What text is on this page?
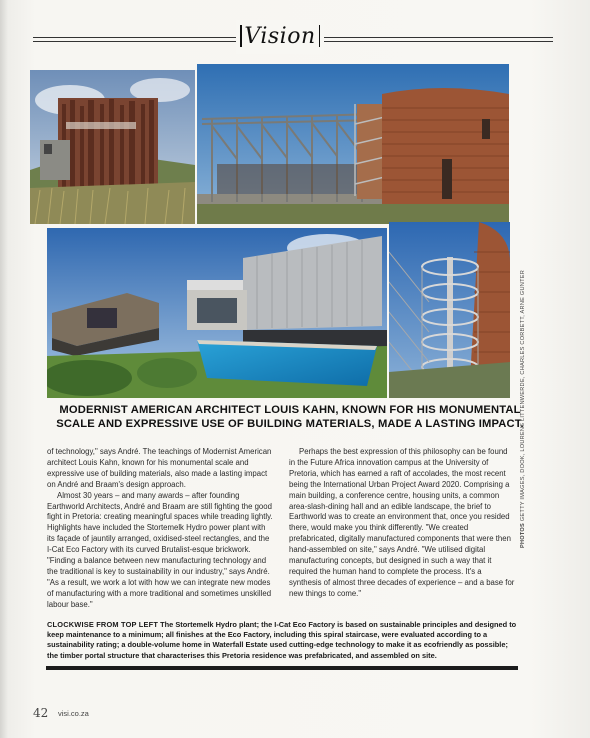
Vision
MODERNIST AMERICAN ARCHITECT LOUIS KAHN, KNOWN FOR HIS MONUMENTAL SCALE AND EXPRESSIVE USE OF BUILDING MATERIALS, MADE A LASTING IMPACT.

of technology," says André. The teachings of Modernist American architect Louis Kahn, known for his monumental scale and expressive use of building materials, also made a lasting impact on André and Braam's design approach.

Almost 30 years – and many awards – after founding Earthworld Architects, André and Braam are still fighting the good fight in Pretoria: creating meaningful spaces while treading lightly. Highlights have included the Stortemelk Hydro power plant with its façade of jauntily arranged, oxidised-steel rectangles, and the I-Cat Eco Factory with its curved Brutalist-esque brickwork. "Finding a balance between new manufacturing technology and the traditional is key to sustainability in our industry," says André. "As a result, we work a lot with how we can integrate new modes of manufacturing with a more traditional and sometimes unskilled labour base."

Perhaps the best expression of this philosophy can be found in the Future Africa innovation campus at the University of Pretoria, which has earned a raft of accolades, the most recent being the International Urban Project Award 2020. Comprising a main building, a conference centre, housing units, a common area-slash-dining hall and an edible landscape, the brief to Earthworld was to create an environment that, once you resided there, would make you think differently. "We created prefabricated, digitally manufactured components that were then hand-assembled on site," says André. "We utilised digital manufacturing concepts, but designed in such a way that it required the human hand to complete the process. It's a synthesis of almost three decades of experience – and a base for new things to come."

CLOCKWISE FROM TOP LEFT The Stortemelk Hydro plant; the I-Cat Eco Factory is based on sustainable principles and designed to keep maintenance to a minimum; all finishes at the Eco Factory, including this spiral staircase, were evaluated according to a sustainability rating; a double-volume home in Waterfall Estate used cutting-edge technology to make it as ecofriendly as possible; the timber portal structure that characterises this Pretoria residence was prefabricated, and assembled on site.
PHOTOS GETTY IMAGES, DOOK, LOURENS LITTENWERDE, CHARLES CORBETT, ARNE GUNTER
42 visi.co.za
